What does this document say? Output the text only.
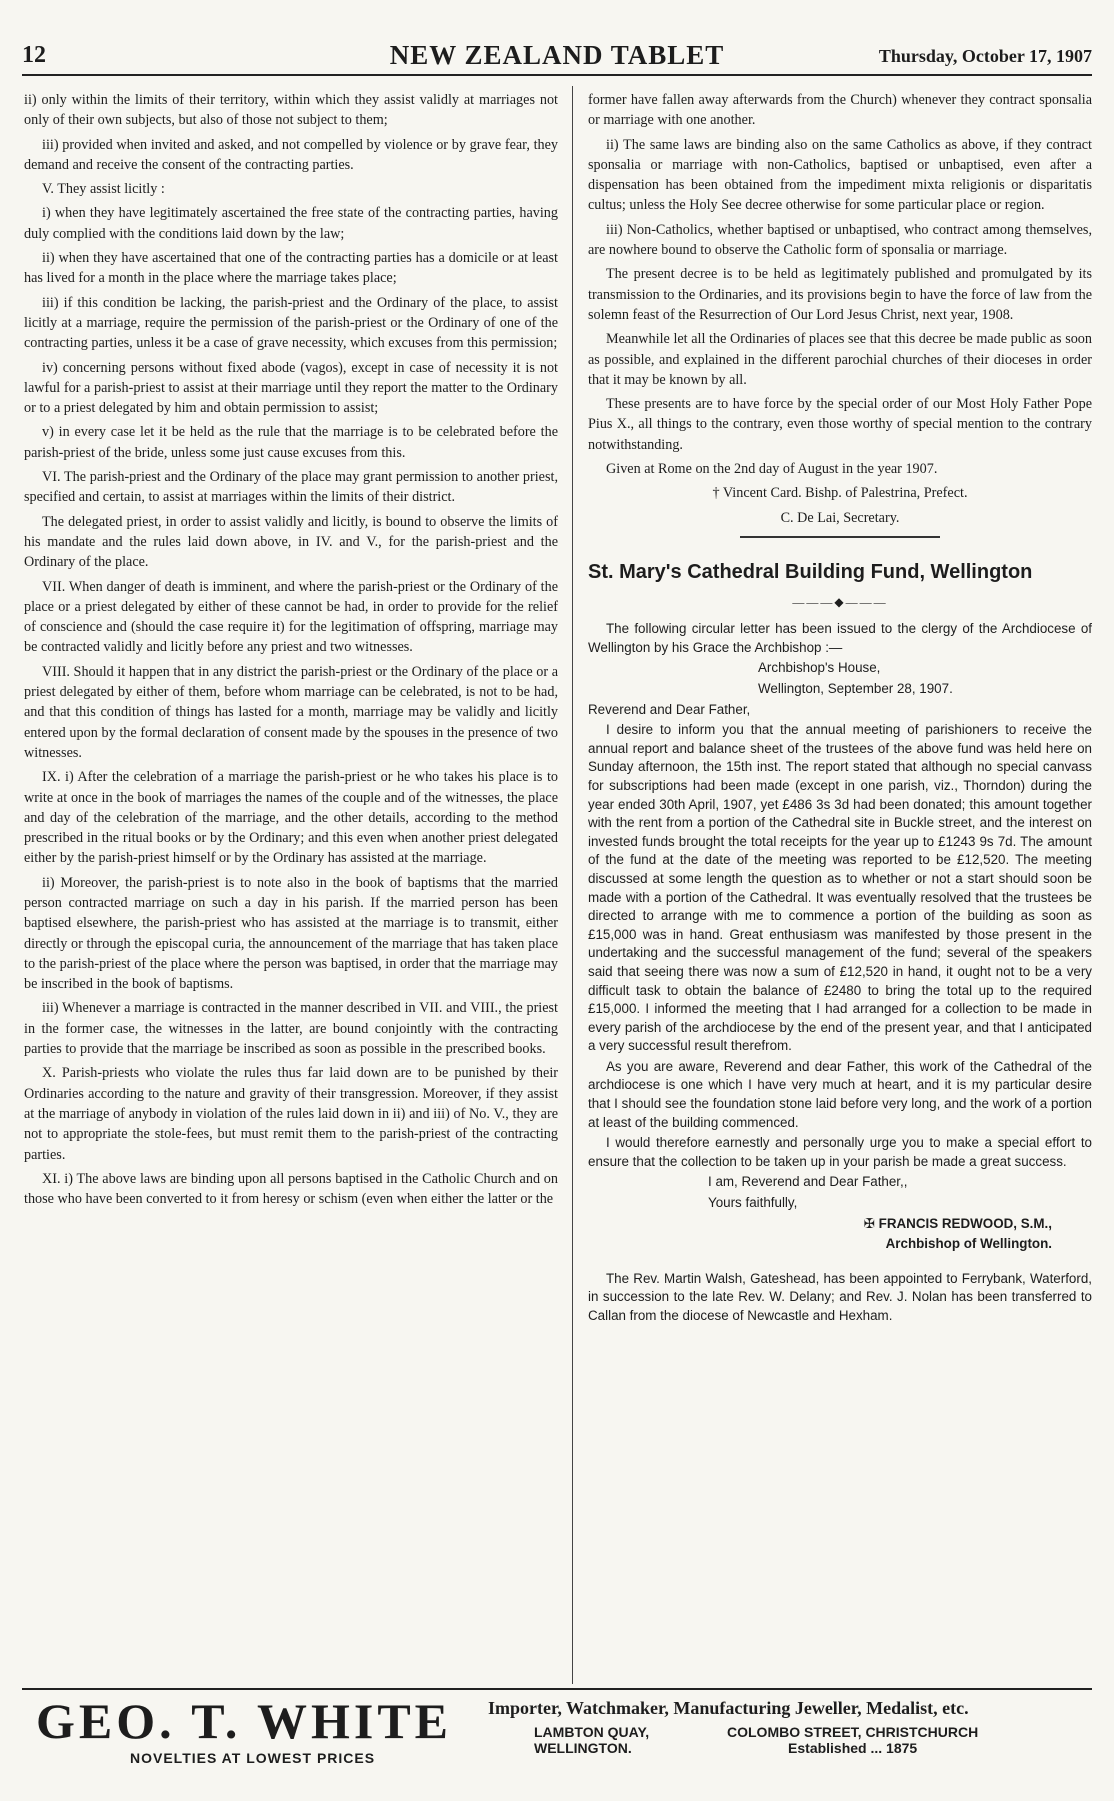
NEW ZEALAND TABLET
12	Thursday, October 17, 1907

ii) only within the limits of their territory, within which they assist validly at marriages not only of their own subjects, but also of those not subject to them;

iii) provided when invited and asked, and not compelled by violence or by grave fear, they demand and receive the consent of the contracting parties.

V. They assist licitly :

i) when they have legitimately ascertained the free state of the contracting parties, having duly complied with the conditions laid down by the law;

ii) when they have ascertained that one of the contracting parties has a domicile or at least has lived for a month in the place where the marriage takes place;

iii) if this condition be lacking, the parish-priest and the Ordinary of the place, to assist licitly at a marriage, require the permission of the parish-priest or the Ordinary of one of the contracting parties, unless it be a case of grave necessity, which excuses from this permission;

iv) concerning persons without fixed abode (vagos), except in case of necessity it is not lawful for a parish-priest to assist at their marriage until they report the matter to the Ordinary or to a priest delegated by him and obtain permission to assist;

v) in every case let it be held as the rule that the marriage is to be celebrated before the parish-priest of the bride, unless some just cause excuses from this.

VI. The parish-priest and the Ordinary of the place may grant permission to another priest, specified and certain, to assist at marriages within the limits of their district.

The delegated priest, in order to assist validly and licitly, is bound to observe the limits of his mandate and the rules laid down above, in IV. and V., for the parish-priest and the Ordinary of the place.

VII. When danger of death is imminent, and where the parish-priest or the Ordinary of the place or a priest delegated by either of these cannot be had, in order to provide for the relief of conscience and (should the case require it) for the legitimation of offspring, marriage may be contracted validly and licitly before any priest and two witnesses.

VIII. Should it happen that in any district the parish-priest or the Ordinary of the place or a priest delegated by either of them, before whom marriage can be celebrated, is not to be had, and that this condition of things has lasted for a month, marriage may be validly and licitly entered upon by the formal declaration of consent made by the spouses in the presence of two witnesses.

IX. i) After the celebration of a marriage the parish-priest or he who takes his place is to write at once in the book of marriages the names of the couple and of the witnesses, the place and day of the celebration of the marriage, and the other details, according to the method prescribed in the ritual books or by the Ordinary; and this even when another priest delegated either by the parish-priest himself or by the Ordinary has assisted at the marriage.

ii) Moreover, the parish-priest is to note also in the book of baptisms that the married person contracted marriage on such a day in his parish. If the married person has been baptised elsewhere, the parish-priest who has assisted at the marriage is to transmit, either directly or through the episcopal curia, the announcement of the marriage that has taken place to the parish-priest of the place where the person was baptised, in order that the marriage may be inscribed in the book of baptisms.

iii) Whenever a marriage is contracted in the manner described in VII. and VIII., the priest in the former case, the witnesses in the latter, are bound conjointly with the contracting parties to provide that the marriage be inscribed as soon as possible in the prescribed books.

X. Parish-priests who violate the rules thus far laid down are to be punished by their Ordinaries according to the nature and gravity of their transgression. Moreover, if they assist at the marriage of anybody in violation of the rules laid down in ii) and iii) of No. V., they are not to appropriate the stole-fees, but must remit them to the parish-priest of the contracting parties.

XI. i) The above laws are binding upon all persons baptised in the Catholic Church and on those who have been converted to it from heresy or schism (even when either the latter or the

former have fallen away afterwards from the Church) whenever they contract sponsalia or marriage with one another.

ii) The same laws are binding also on the same Catholics as above, if they contract sponsalia or marriage with non-Catholics, baptised or unbaptised, even after a dispensation has been obtained from the impediment mixta religionis or disparitatis cultus; unless the Holy See decree otherwise for some particular place or region.

iii) Non-Catholics, whether baptised or unbaptised, who contract among themselves, are nowhere bound to observe the Catholic form of sponsalia or marriage.

The present decree is to be held as legitimately published and promulgated by its transmission to the Ordinaries, and its provisions begin to have the force of law from the solemn feast of the Resurrection of Our Lord Jesus Christ, next year, 1908.

Meanwhile let all the Ordinaries of places see that this decree be made public as soon as possible, and explained in the different parochial churches of their dioceses in order that it may be known by all.

These presents are to have force by the special order of our Most Holy Father Pope Pius X., all things to the contrary, even those worthy of special mention to the contrary notwithstanding.

Given at Rome on the 2nd day of August in the year 1907.

† Vincent Card. Bishp. of Palestrina, Prefect.

C. De Lai, Secretary.

St. Mary's Cathedral Building Fund, Wellington
———◆———

The following circular letter has been issued to the clergy of the Archdiocese of Wellington by his Grace the Archbishop :—

Archbishop's House,

Wellington, September 28, 1907.

Reverend and Dear Father,

I desire to inform you that the annual meeting of parishioners to receive the annual report and balance sheet of the trustees of the above fund was held here on Sunday afternoon, the 15th inst. The report stated that although no special canvass for subscriptions had been made (except in one parish, viz., Thorndon) during the year ended 30th April, 1907, yet £486 3s 3d had been donated; this amount together with the rent from a portion of the Cathedral site in Buckle street, and the interest on invested funds brought the total receipts for the year up to £1243 9s 7d. The amount of the fund at the date of the meeting was reported to be £12,520. The meeting discussed at some length the question as to whether or not a start should soon be made with a portion of the Cathedral. It was eventually resolved that the trustees be directed to arrange with me to commence a portion of the building as soon as £15,000 was in hand. Great enthusiasm was manifested by those present in the undertaking and the successful management of the fund; several of the speakers said that seeing there was now a sum of £12,520 in hand, it ought not to be a very difficult task to obtain the balance of £2480 to bring the total up to the required £15,000. I informed the meeting that I had arranged for a collection to be made in every parish of the archdiocese by the end of the present year, and that I anticipated a very successful result therefrom.

As you are aware, Reverend and dear Father, this work of the Cathedral of the archdiocese is one which I have very much at heart, and it is my particular desire that I should see the foundation stone laid before very long, and the work of a portion at least of the building commenced.

I would therefore earnestly and personally urge you to make a special effort to ensure that the collection to be taken up in your parish be made a great success.

I am, Reverend and Dear Father,,

Yours faithfully,

✠ FRANCIS REDWOOD, S.M.,

Archbishop of Wellington.

The Rev. Martin Walsh, Gateshead, has been appointed to Ferrybank, Waterford, in succession to the late Rev. W. Delany; and Rev. J. Nolan has been transferred to Callan from the diocese of Newcastle and Hexham.

GEO. T. WHITE
NOVELTIES AT LOWEST PRICES
Importer, Watchmaker, Manufacturing Jeweller, Medalist, etc.
LAMBTON QUAY,
WELLINGTON.
COLOMBO STREET, CHRISTCHURCH
Established ... 1875
